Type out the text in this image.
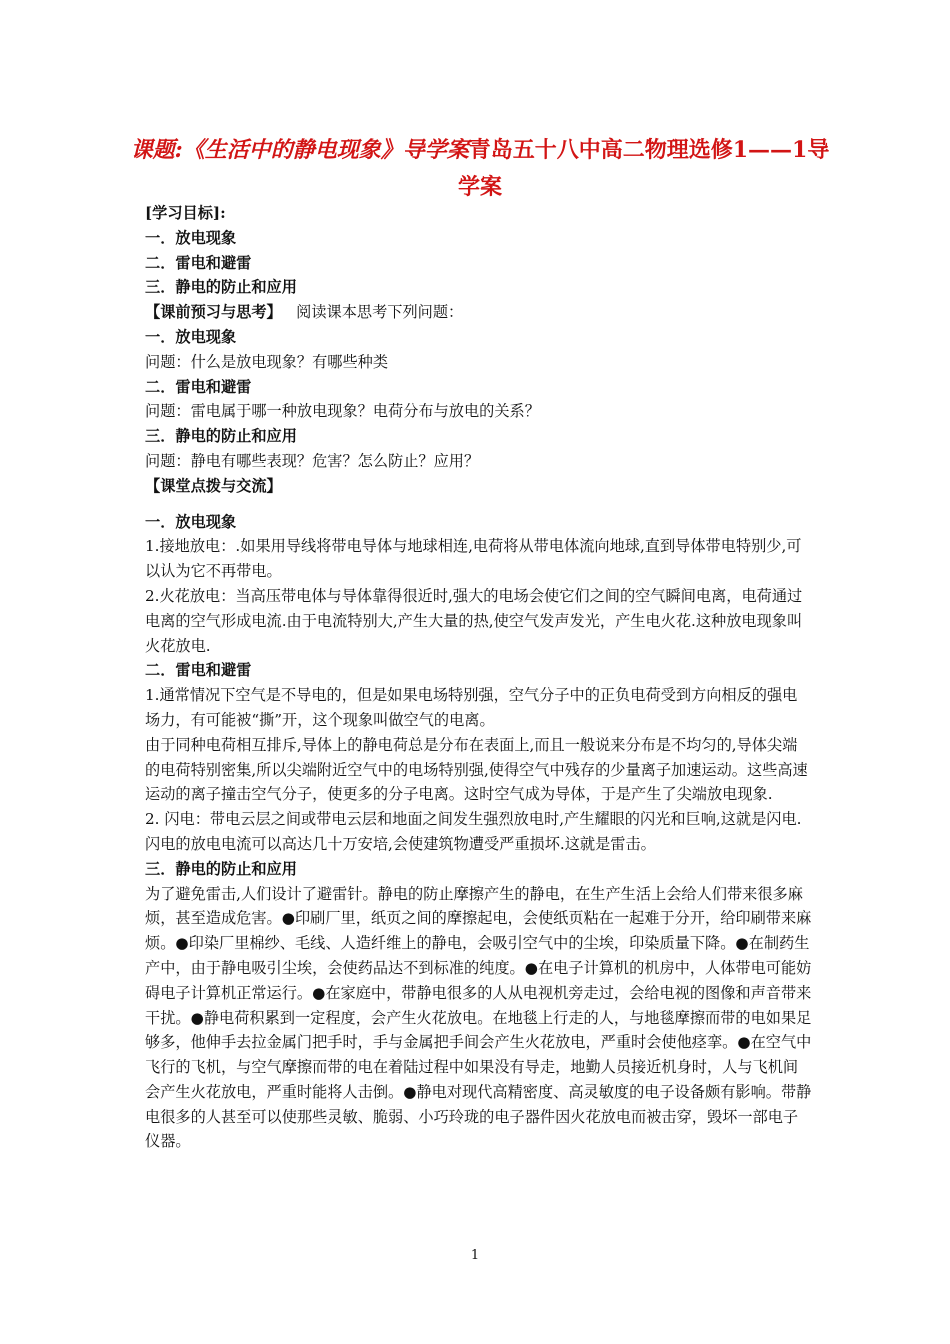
课题:《生活中的静电现象》导学案青岛五十八中高二物理选修1——1导学案

[学习目标]:

一．放电现象

二．雷电和避雷

三．静电的防止和应用

【课前预习与思考】 阅读课本思考下列问题：

一．放电现象

问题：什么是放电现象？有哪些种类

二．雷电和避雷

问题：雷电属于哪一种放电现象？电荷分布与放电的关系？

三．静电的防止和应用

问题：静电有哪些表现？危害？怎么防止？应用？

【课堂点拨与交流】

一．放电现象

1.接地放电：.如果用导线将带电导体与地球相连,电荷将从带电体流向地球,直到导体带电特别少,可以认为它不再带电。

2.火花放电：当高压带电体与导体靠得很近时,强大的电场会使它们之间的空气瞬间电离，电荷通过电离的空气形成电流.由于电流特别大,产生大量的热,使空气发声发光，产生电火花.这种放电现象叫火花放电.

二．雷电和避雷

1.通常情况下空气是不导电的，但是如果电场特别强，空气分子中的正负电荷受到方向相反的强电场力，有可能被“撕”开，这个现象叫做空气的电离。

由于同种电荷相互排斥,导体上的静电荷总是分布在表面上,而且一般说来分布是不均匀的,导体尖端的电荷特别密集,所以尖端附近空气中的电场特别强,使得空气中残存的少量离子加速运动。这些高速运动的离子撞击空气分子，使更多的分子电离。这时空气成为导体，于是产生了尖端放电现象.

2. 闪电：带电云层之间或带电云层和地面之间发生强烈放电时,产生耀眼的闪光和巨响,这就是闪电.闪电的放电电流可以高达几十万安培,会使建筑物遭受严重损坏.这就是雷击。

三．静电的防止和应用

为了避免雷击,人们设计了避雷针。静电的防止摩擦产生的静电，在生产生活上会给人们带来很多麻烦，甚至造成危害。●印刷厂里，纸页之间的摩擦起电，会使纸页粘在一起难于分开，给印刷带来麻烦。●印染厂里棉纱、毛线、人造纤维上的静电，会吸引空气中的尘埃，印染质量下降。●在制药生产中，由于静电吸引尘埃，会使药品达不到标准的纯度。●在电子计算机的机房中，人体带电可能妨碍电子计算机正常运行。●在家庭中，带静电很多的人从电视机旁走过，会给电视的图像和声音带来干扰。●静电荷积累到一定程度，会产生火花放电。在地毯上行走的人，与地毯摩擦而带的电如果足够多，他伸手去拉金属门把手时，手与金属把手间会产生火花放电，严重时会使他痉挛。●在空气中飞行的飞机，与空气摩擦而带的电在着陆过程中如果没有导走，地勤人员接近机身时，人与飞机间会产生火花放电，严重时能将人击倒。●静电对现代高精密度、高灵敏度的电子设备颇有影响。带静电很多的人甚至可以使那些灵敏、脆弱、小巧玲珑的电子器件因火花放电而被击穿，毁坏一部电子仪器。

1
